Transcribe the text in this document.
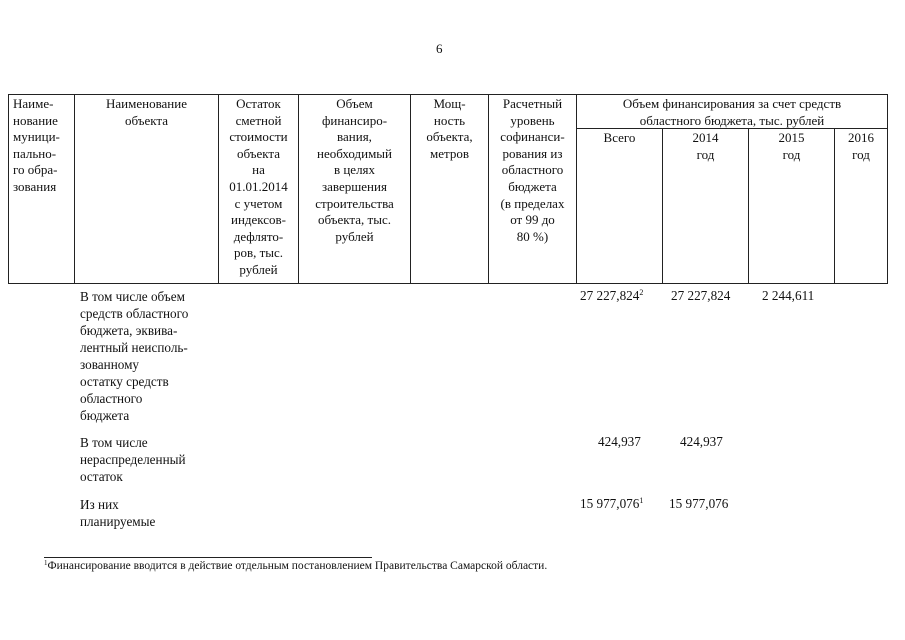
6
Наиме-
нование
муници-
пально-
го обра-
зования
Наименование
объекта
Остаток
сметной
стоимости
объекта
на
01.01.2014
с учетом
индексов-
дефлято-
ров, тыс.
рублей
Объем
финансиро-
вания,
необходимый
в целях
завершения
строительства
объекта, тыс.
рублей
Мощ-
ность
объекта,
метров
Расчетный
уровень
софинанси-
рования из
областного
бюджета
(в пределах
от 99 до
80 %)
Объем финансирования за счет средств
областного бюджета, тыс. рублей
Всего	2014
год
2015
год
2016
год
В том числе объем
средств областного
бюджета, эквива-
лентный неисполь-
зованному
остатку средств
областного
бюджета
27 227,824$^2$ 27 227,824 2 244,611
В том числе
нераспределенный
остаток
424,937	424,937
Из них
планируемые
15 977,076$^1$ 15 977,076
$^1$Финансирование вводится в действие отдельным постановлением Правительства Самарской области.
